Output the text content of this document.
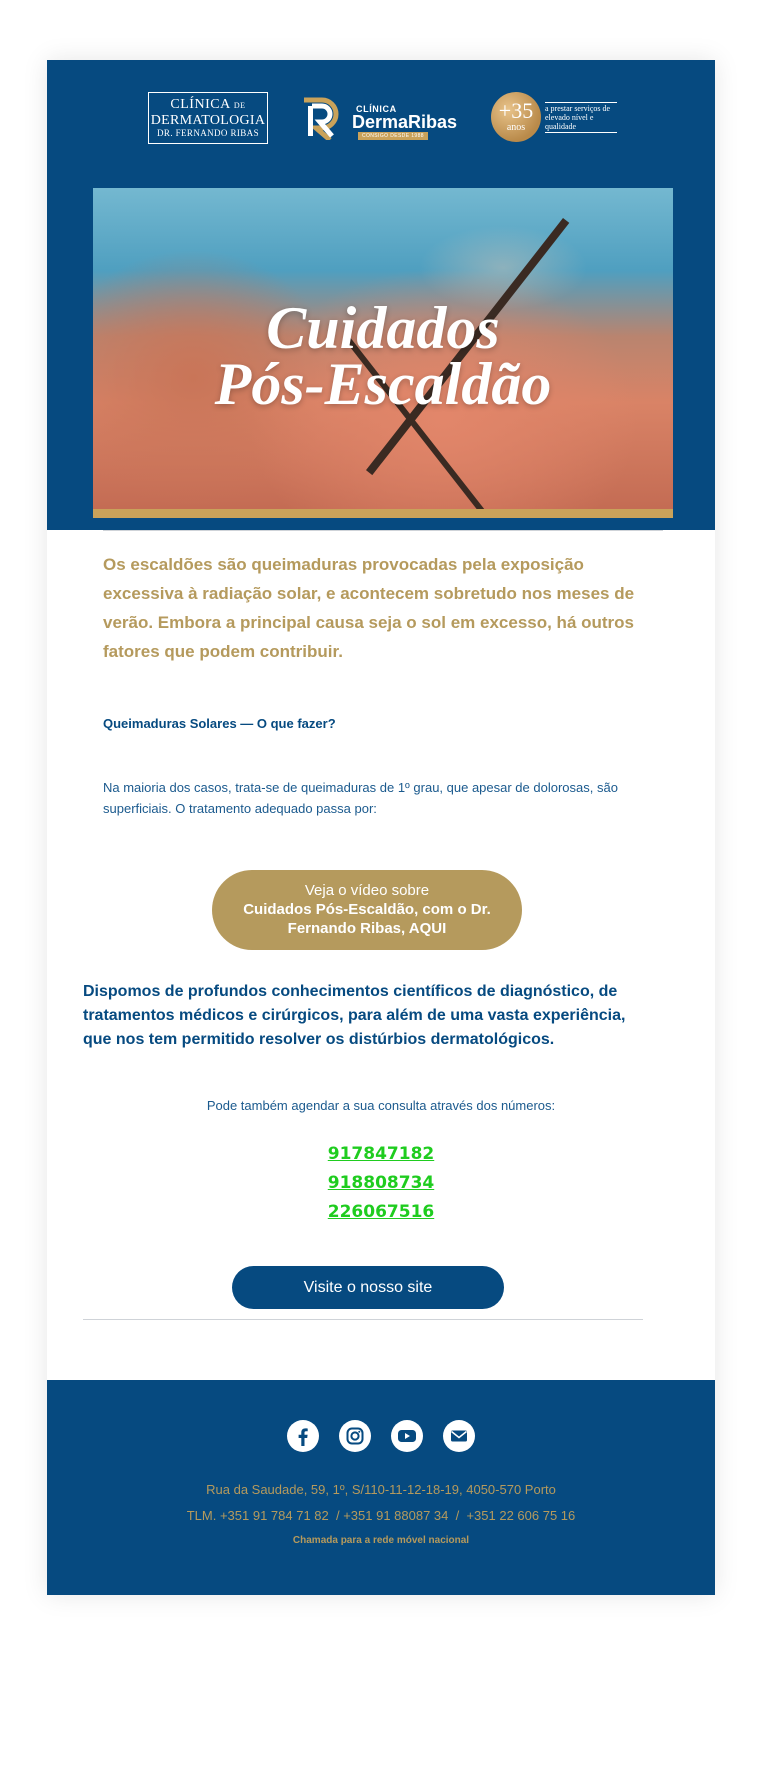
CLÍNICA DE
DERMATOLOGIA
DR. FERNANDO RIBAS
CLÍNICA
DermaRibas
CONSIGO DESDE 1988
+35
anos
a prestar serviços de elevado nível e qualidade
Cuidados
Pós-Escaldão
Os escaldões são queimaduras provocadas pela exposição excessiva à radiação solar, e acontecem sobretudo nos meses de verão. Embora a principal causa seja o sol em excesso, há outros fatores que podem contribuir.
Queimaduras Solares — O que fazer?
Na maioria dos casos, trata-se de queimaduras de 1º grau, que apesar de dolorosas, são superficiais. O tratamento adequado passa por:
Veja o vídeo sobre
Cuidados Pós-Escaldão, com o Dr. Fernando Ribas, AQUI
Dispomos de profundos conhecimentos científicos de diagnóstico, de tratamentos médicos e cirúrgicos, para além de uma vasta experiência, que nos tem permitido resolver os distúrbios dermatológicos.
Pode também agendar a sua consulta através dos números:
917847182
918808734
226067516
Visite o nosso site

Rua da Saudade, 59, 1º, S/110-11-12-18-19, 4050-570 Porto
TLM. +351 91 784 71 82  / +351 91 88087 34  /  +351 22 606 75 16
Chamada para a rede móvel nacional
